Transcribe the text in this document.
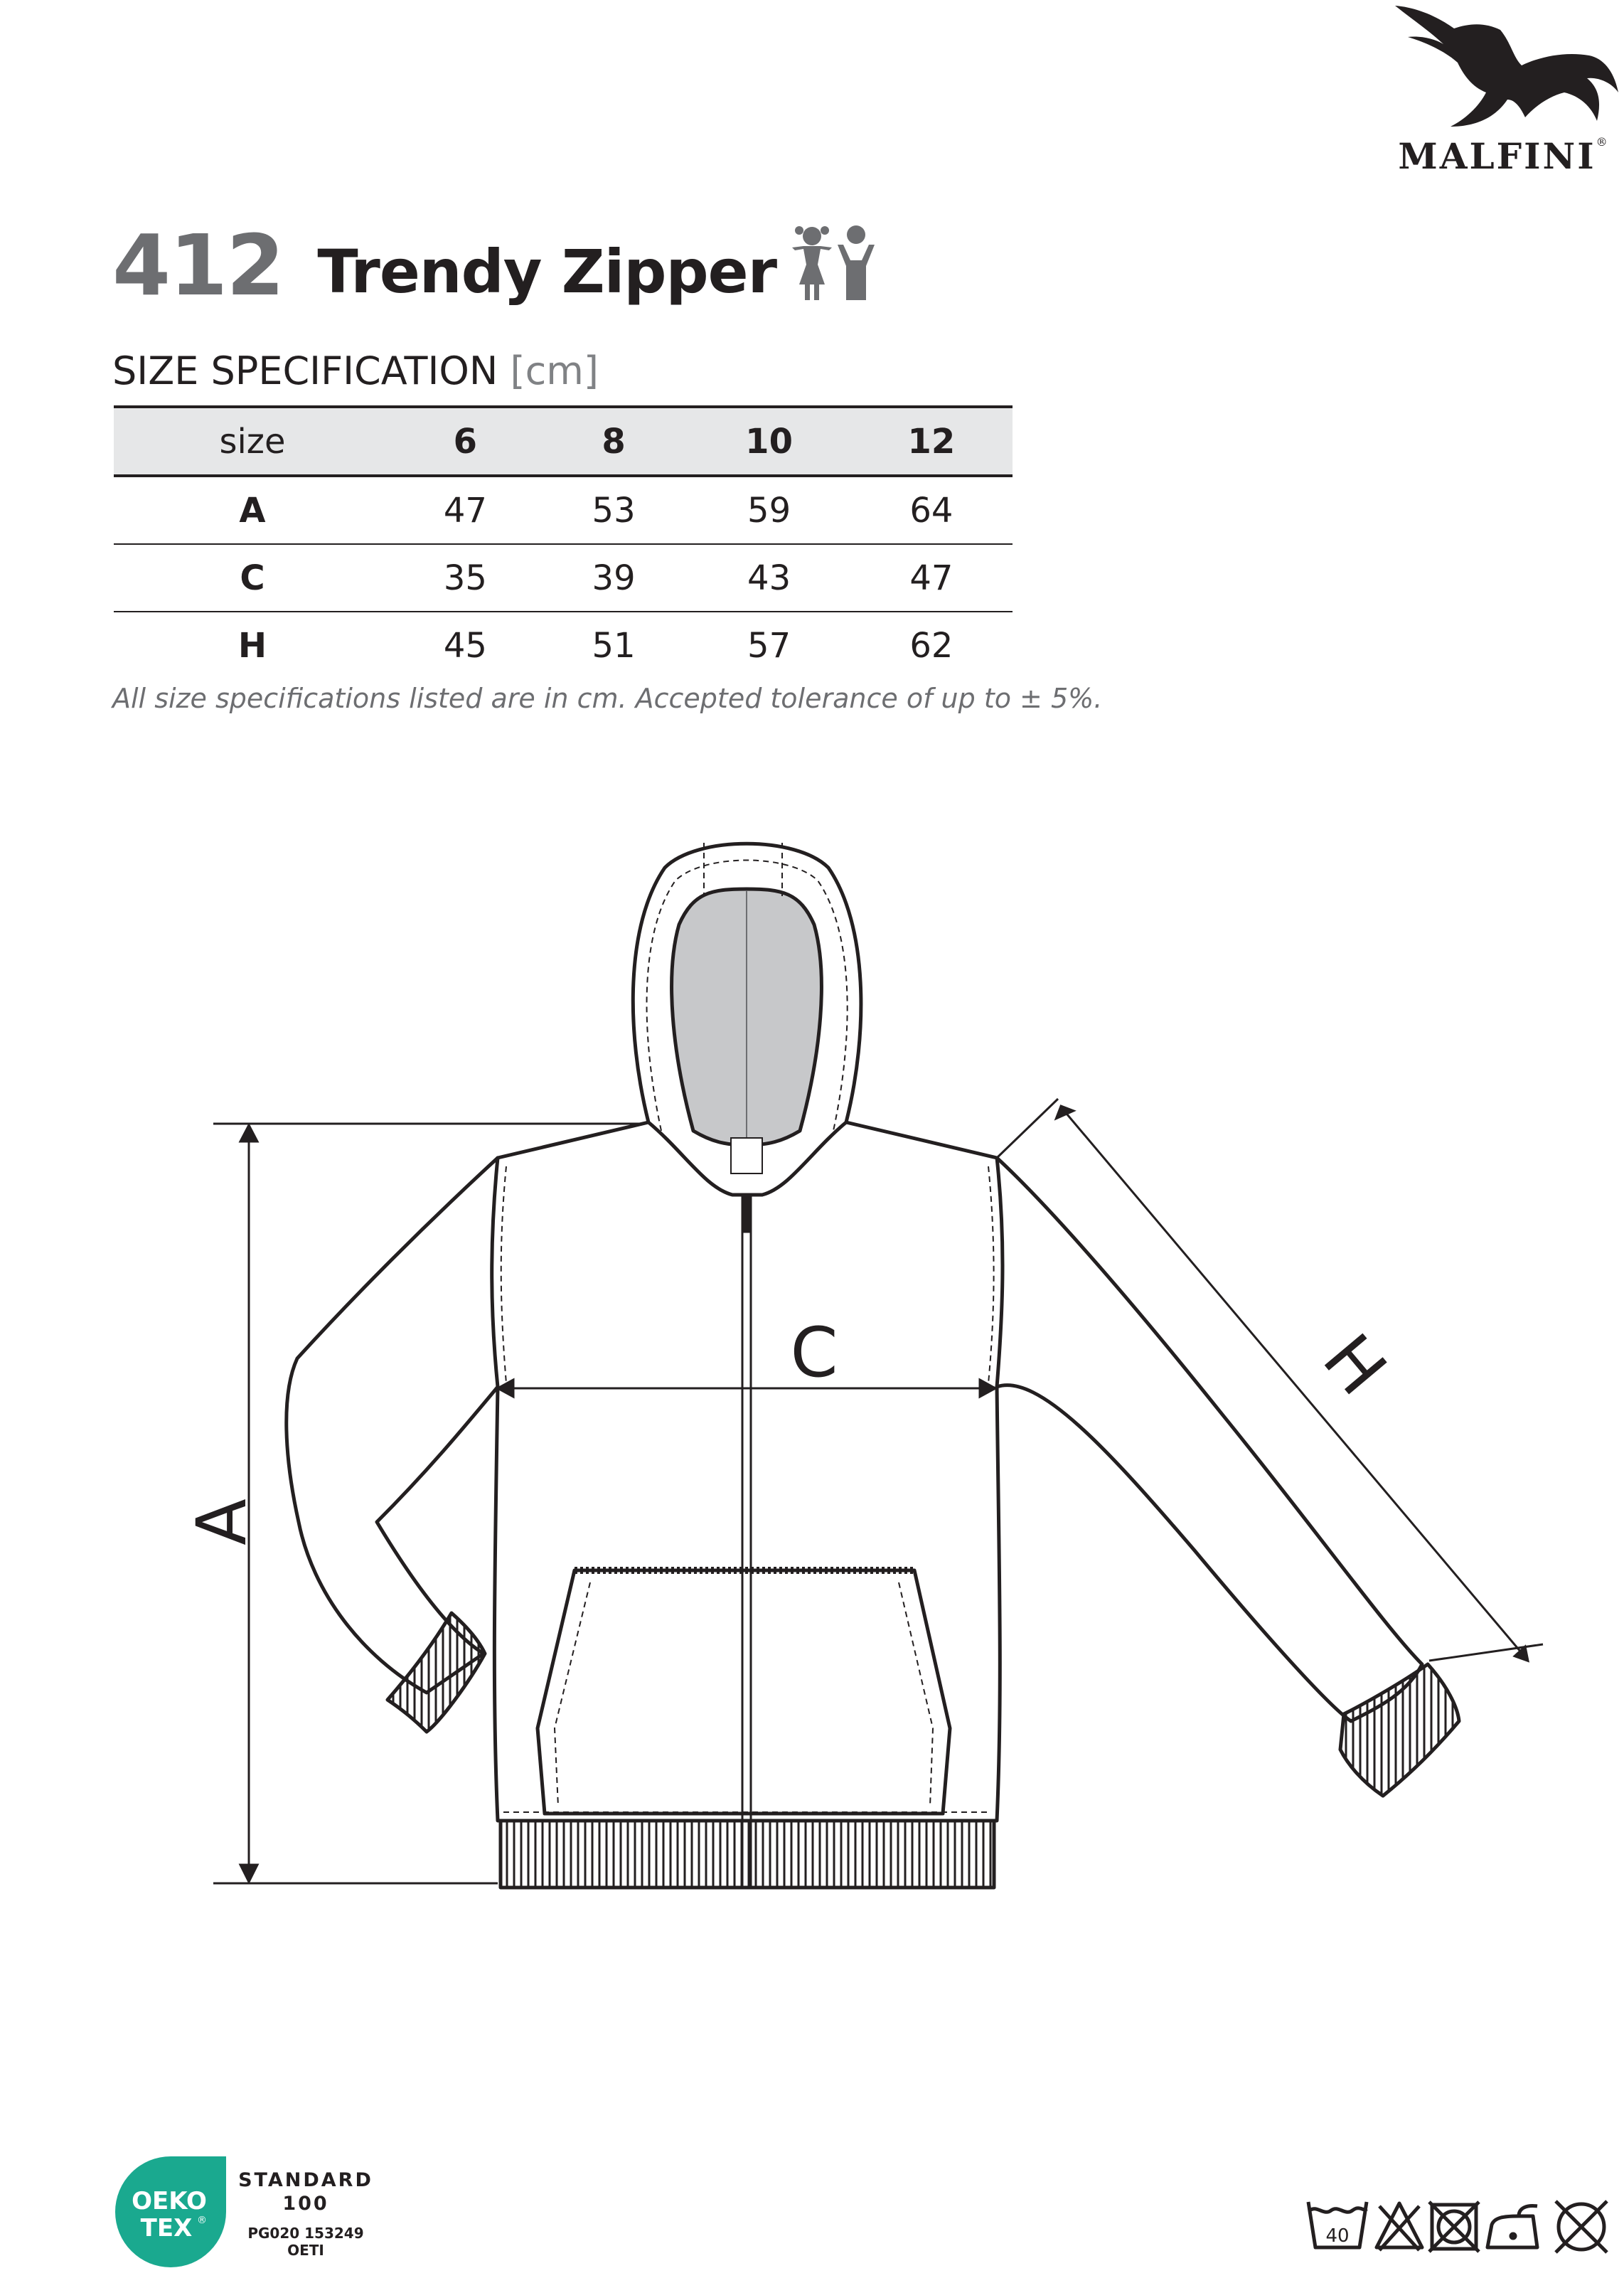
MALFINI®
412 Trendy Zipper
SIZE SPECIFICATION [cm]
size	6	8	10	12
A	47	53	59	64
C	35	39	43	47
H	45	51	57	62
All size specifications listed are in cm. Accepted tolerance of up to ± 5%.
A
C	H
OEKO
TEX ®
STANDARD
100
PG020 153249
OETI
40
